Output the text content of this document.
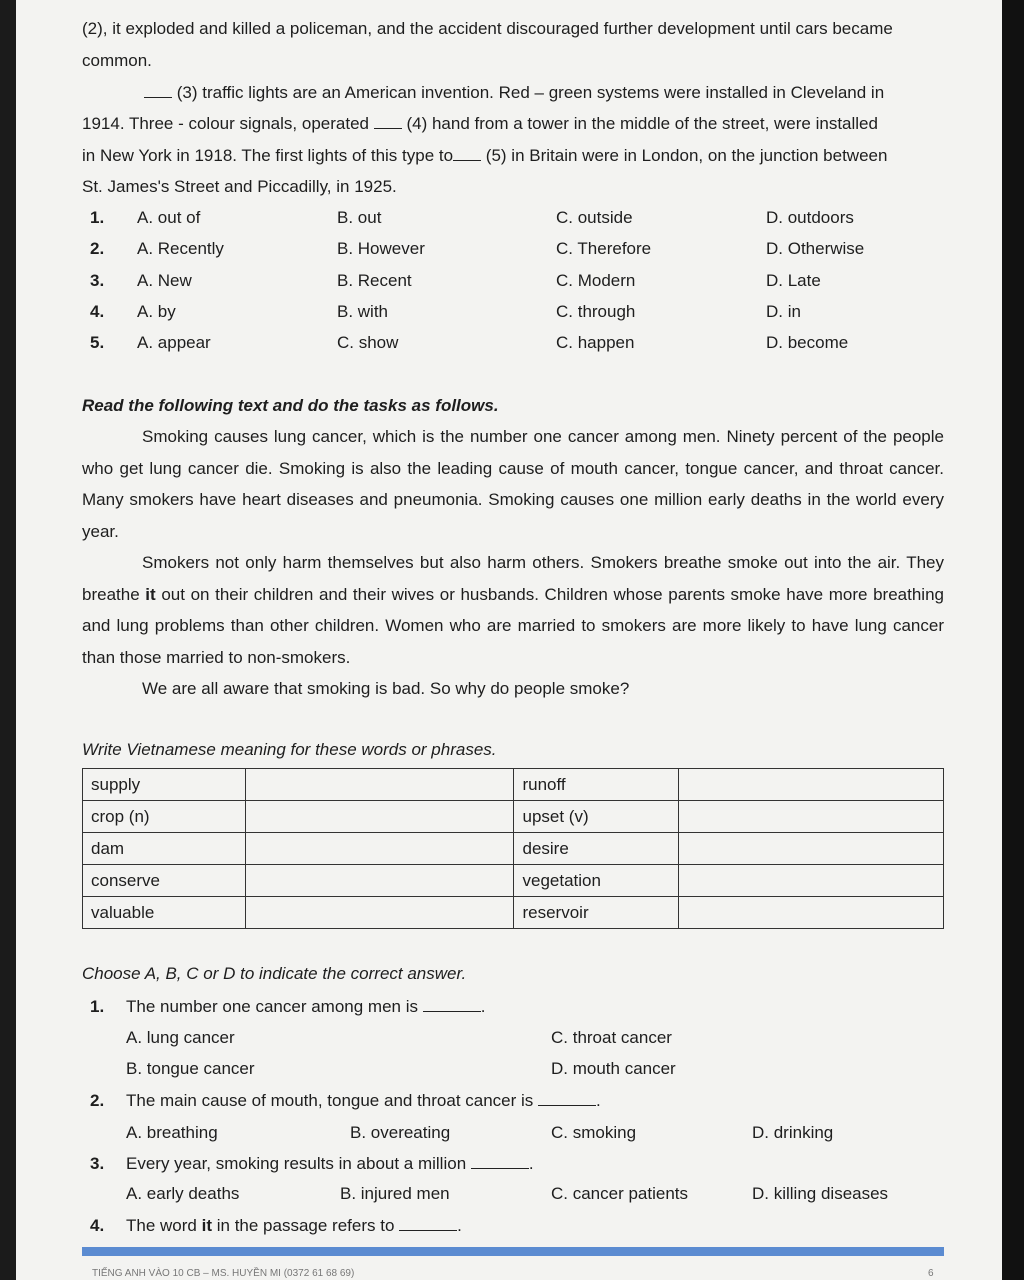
(2), it exploded and killed a policeman, and the accident discouraged further development until cars became
common.
(3) traffic lights are an American invention. Red – green systems were installed in Cleveland in
1914. Three - colour signals, operated (4) hand from a tower in the middle of the street, were installed
in New York in 1918. The first lights of this type to (5) in Britain were in London, on the junction between
St. James's Street and Piccadilly, in 1925.
1. A. out of	B. out	C. outside	D. outdoors
2. A. Recently	B. However	C. Therefore	D. Otherwise
3. A. New	B. Recent	C. Modern	D. Late
4. A. by	B. with	C. through	D. in
5. A. appear	C. show	C. happen	D. become
Read the following text and do the tasks as follows.

Smoking causes lung cancer, which is the number one cancer among men. Ninety percent of the people who get lung cancer die. Smoking is also the leading cause of mouth cancer, tongue cancer, and throat cancer. Many smokers have heart diseases and pneumonia. Smoking causes one million early deaths in the world every year.

Smokers not only harm themselves but also harm others. Smokers breathe smoke out into the air. They breathe it out on their children and their wives or husbands. Children whose parents smoke have more breathing and lung problems than other children. Women who are married to smokers are more likely to have lung cancer than those married to non-smokers.

We are all aware that smoking is bad. So why do people smoke?

Write Vietnamese meaning for these words or phrases.
supply		runoff	
crop (n)		upset (v)	
dam		desire	
conserve		vegetation	
valuable		reservoir	
Choose A, B, C or D to indicate the correct answer.
1. The number one cancer among men is	.
A. lung cancer	C. throat cancer
B. tongue cancer	D. mouth cancer
2. The main cause of mouth, tongue and throat cancer is	.
A. breathing	B. overeating	C. smoking	D. drinking
3. Every year, smoking results in about a million	.
A. early deaths	B. injured men	C. cancer patients	D. killing diseases
4. The word it in the passage refers to	.
TIẾNG ANH VÀO 10 CB – MS. HUYỀN MI (0372 61 68 69)	6
